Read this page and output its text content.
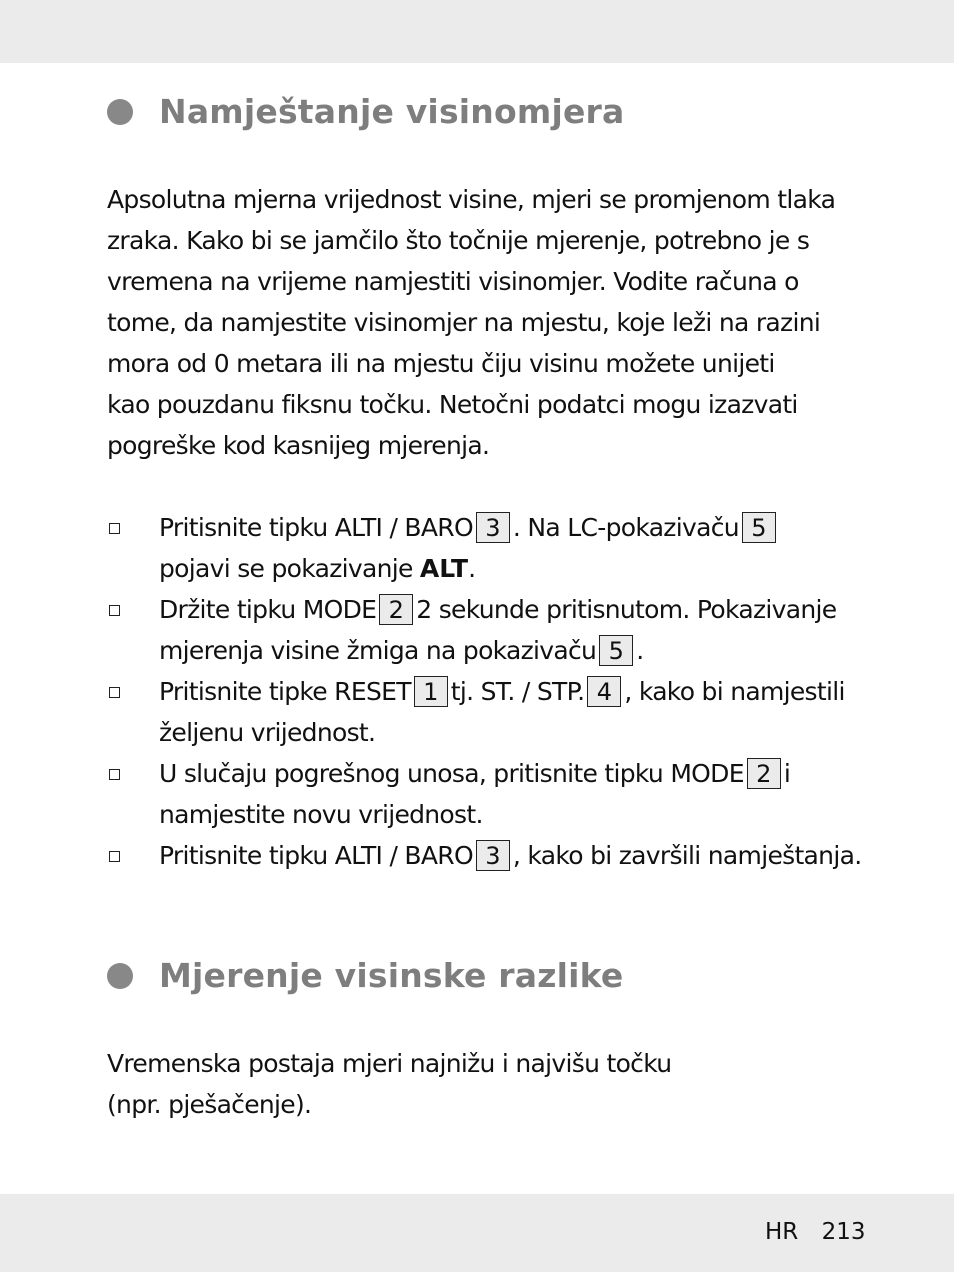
Namještanje visinomjera
Apsolutna mjerna vrijednost visine, mjeri se promjenom tlaka
zraka. Kako bi se jamčilo što točnije mjerenje, potrebno je s
vremena na vrijeme namjestiti visinomjer. Vodite računa o
tome, da namjestite visinomjer na mjestu, koje leži na razini
mora od 0 metara ili na mjestu čiju visinu možete unijeti
kao pouzdanu fiksnu točku. Netočni podatci mogu izazvati
pogreške kod kasnijeg mjerenja.
Pritisnite tipku ALTI / BARO 3 . Na LC-pokazivaču 5
pojavi se pokazivanje ALT.
Držite tipku MODE 2 2 sekunde pritisnutom. Pokazivanje
mjerenja visine žmiga na pokazivaču 5 .
Pritisnite tipke RESET 1 tj. ST. / STP. 4 , kako bi namjestili
željenu vrijednost.
U slučaju pogrešnog unosa, pritisnite tipku MODE 2 i
namjestite novu vrijednost.
Pritisnite tipku ALTI / BARO 3 , kako bi završili namještanja.
Mjerenje visinske razlike
Vremenska postaja mjeri najnižu i najvišu točku
(npr. pješačenje).
HR 213
